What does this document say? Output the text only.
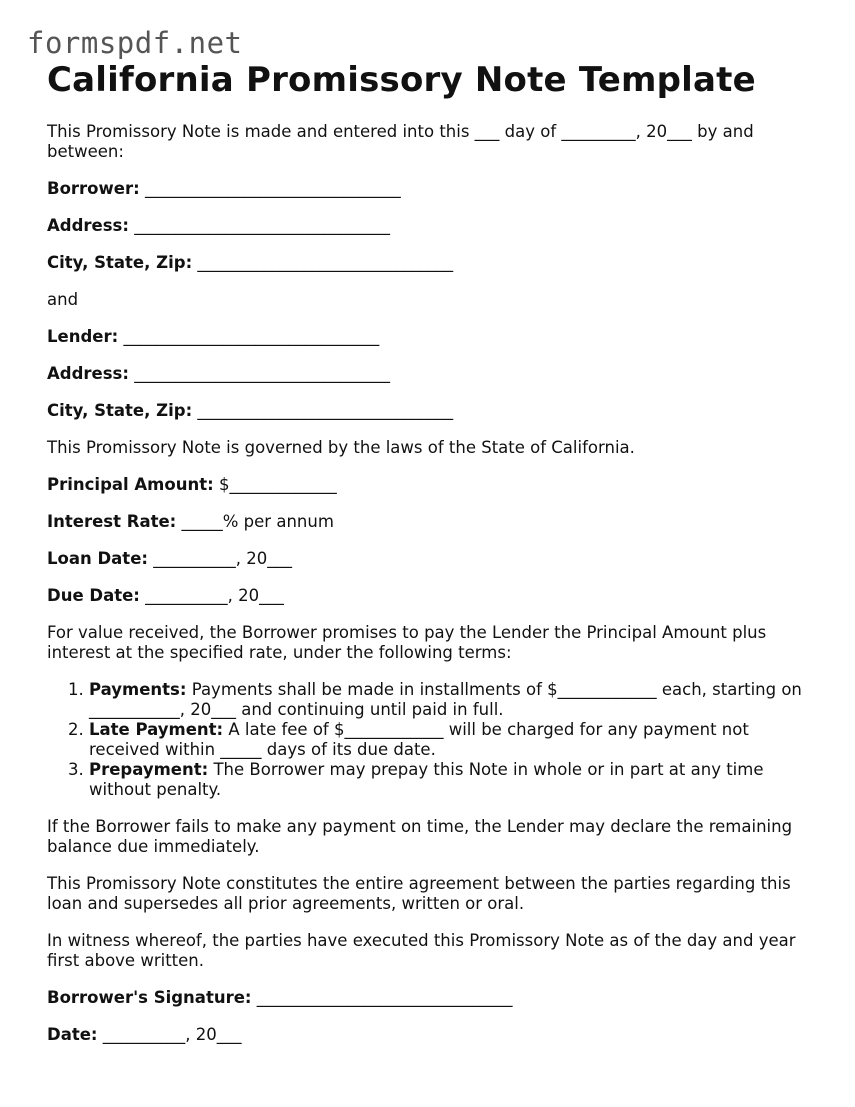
formspdf.net
California Promissory Note Template

This Promissory Note is made and entered into this ___ day of _________, 20___ by and between:

Borrower: _______________________________
Address: _______________________________
City, State, Zip: _______________________________

and

Lender: _______________________________
Address: _______________________________
City, State, Zip: _______________________________

This Promissory Note is governed by the laws of the State of California.

Principal Amount: $_____________
Interest Rate: _____% per annum
Loan Date: __________, 20___
Due Date: __________, 20___

For value received, the Borrower promises to pay the Lender the Principal Amount plus interest at the specified rate, under the following terms:

1. Payments: Payments shall be made in installments of $____________ each, starting on ___________, 20___ and continuing until paid in full.
2. Late Payment: A late fee of $____________ will be charged for any payment not received within _____ days of its due date.
3. Prepayment: The Borrower may prepay this Note in whole or in part at any time without penalty.

If the Borrower fails to make any payment on time, the Lender may declare the remaining balance due immediately.

This Promissory Note constitutes the entire agreement between the parties regarding this loan and supersedes all prior agreements, written or oral.

In witness whereof, the parties have executed this Promissory Note as of the day and year first above written.

Borrower's Signature: _______________________________
Date: __________, 20___
